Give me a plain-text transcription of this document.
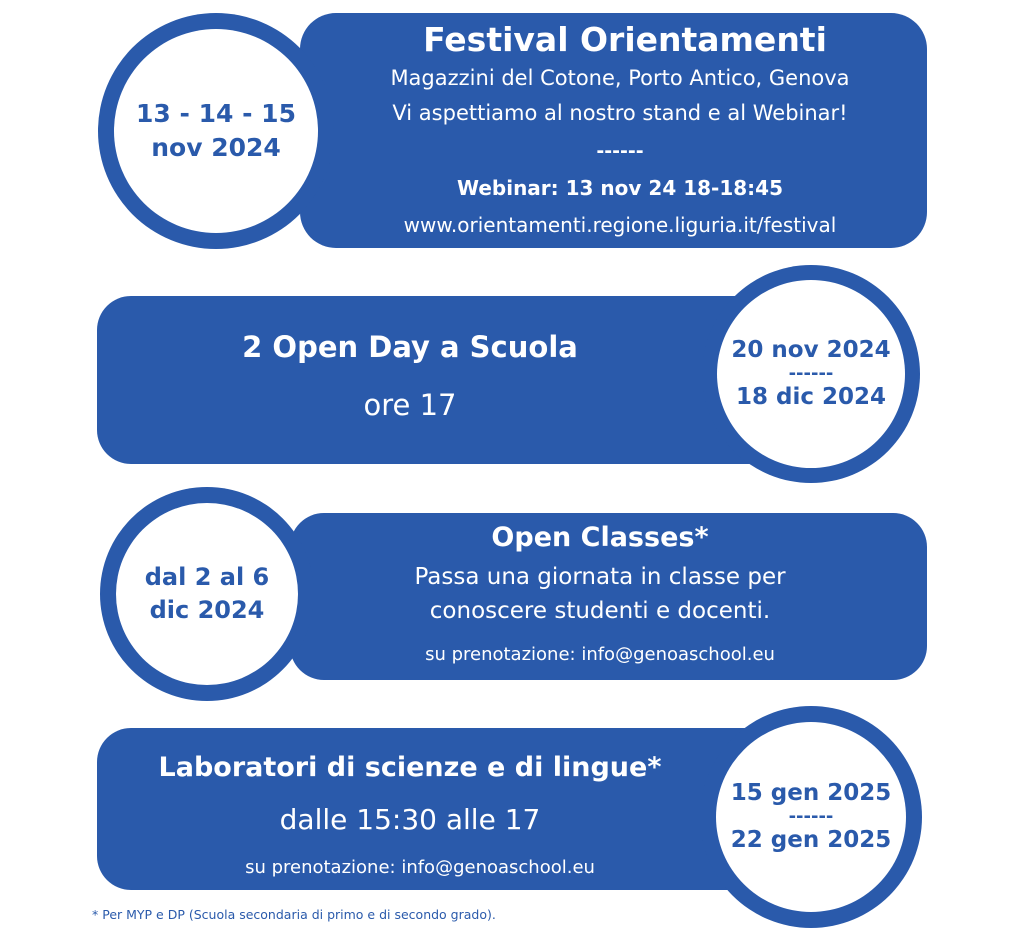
13 - 14 - 15
nov 2024
Festival Orientamenti
Magazzini del Cotone, Porto Antico, Genova
Vi aspettiamo al nostro stand e al Webinar!
------
Webinar: 13 nov 24 18-18:45
www.orientamenti.regione.liguria.it/festival
20 nov 2024
------
18 dic 2024
2 Open Day a Scuola
ore 17
dal 2 al 6
dic 2024
Open Classes*
Passa una giornata in classe per
conoscere studenti e docenti.
su prenotazione: info@genoaschool.eu
15 gen 2025
------
22 gen 2025
Laboratori di scienze e di lingue*
dalle 15:30 alle 17
su prenotazione: info@genoaschool.eu
* Per MYP e DP (Scuola secondaria di primo e di secondo grado).
